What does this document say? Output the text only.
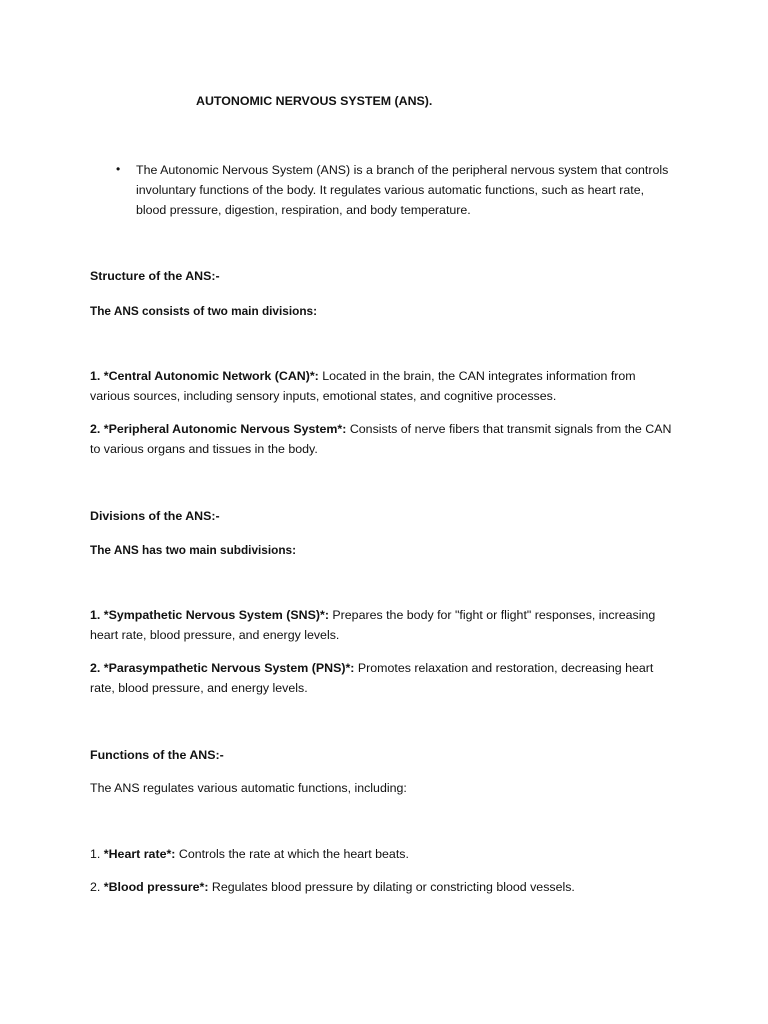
AUTONOMIC NERVOUS SYSTEM (ANS).
• The Autonomic Nervous System (ANS) is a branch of the peripheral nervous system that controls
involuntary functions of the body. It regulates various automatic functions, such as heart rate,
blood pressure, digestion, respiration, and body temperature.
Structure of the ANS:-
The ANS consists of two main divisions:
1. *Central Autonomic Network (CAN)*: Located in the brain, the CAN integrates information from
various sources, including sensory inputs, emotional states, and cognitive processes.
2. *Peripheral Autonomic Nervous System*: Consists of nerve fibers that transmit signals from the CAN
to various organs and tissues in the body.
Divisions of the ANS:-
The ANS has two main subdivisions:
1. *Sympathetic Nervous System (SNS)*: Prepares the body for "fight or flight" responses, increasing
heart rate, blood pressure, and energy levels.
2. *Parasympathetic Nervous System (PNS)*: Promotes relaxation and restoration, decreasing heart
rate, blood pressure, and energy levels.
Functions of the ANS:-
The ANS regulates various automatic functions, including:
1. *Heart rate*: Controls the rate at which the heart beats.
2. *Blood pressure*: Regulates blood pressure by dilating or constricting blood vessels.
